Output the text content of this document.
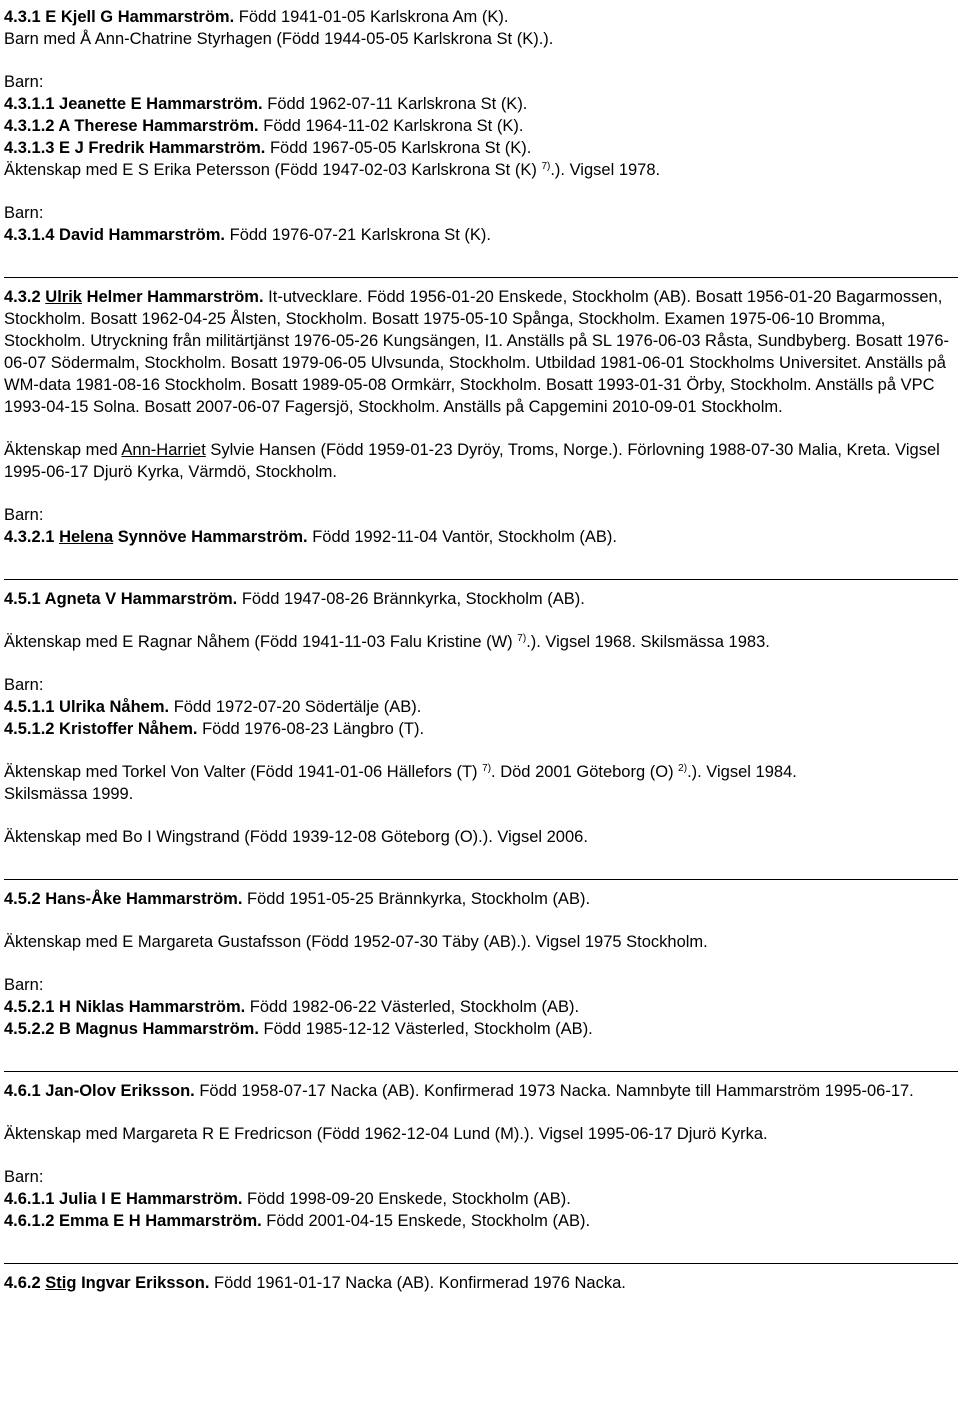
4.3.1 E Kjell G Hammarström. Född 1941-01-05 Karlskrona Am (K).
Barn med Å Ann-Chatrine Styrhagen (Född 1944-05-05 Karlskrona St (K).).
Barn:
4.3.1.1 Jeanette E Hammarström. Född 1962-07-11 Karlskrona St (K).
4.3.1.2 A Therese Hammarström. Född 1964-11-02 Karlskrona St (K).
4.3.1.3 E J Fredrik Hammarström. Född 1967-05-05 Karlskrona St (K).
Äktenskap med E S Erika Petersson (Född 1947-02-03 Karlskrona St (K) $^{7)}$.). Vigsel 1978.
Barn:
4.3.1.4 David Hammarström. Född 1976-07-21 Karlskrona St (K).
4.3.2 Ulrik Helmer Hammarström. It-utvecklare. Född 1956-01-20 Enskede, Stockholm (AB). Bosatt 1956-01-20 Bagarmossen, Stockholm. Bosatt 1962-04-25 Ålsten, Stockholm. Bosatt 1975-05-10 Spånga, Stockholm. Examen 1975-06-10 Bromma, Stockholm. Utryckning från militärtjänst 1976-05-26 Kungsängen, I1. Anställs på SL 1976-06-03 Råsta, Sundbyberg. Bosatt 1976-06-07 Södermalm, Stockholm. Bosatt 1979-06-05 Ulvsunda, Stockholm. Utbildad 1981-06-01 Stockholms Universitet. Anställs på WM-data 1981-08-16 Stockholm. Bosatt 1989-05-08 Ormkärr, Stockholm. Bosatt 1993-01-31 Örby, Stockholm. Anställs på VPC 1993-04-15 Solna. Bosatt 2007-06-07 Fagersjö, Stockholm. Anställs på Capgemini 2010-09-01 Stockholm.
Äktenskap med Ann-Harriet Sylvie Hansen (Född 1959-01-23 Dyröy, Troms, Norge.). Förlovning 1988-07-30 Malia, Kreta. Vigsel 1995-06-17 Djurö Kyrka, Värmdö, Stockholm.
Barn:
4.3.2.1 Helena Synnöve Hammarström. Född 1992-11-04 Vantör, Stockholm (AB).
4.5.1 Agneta V Hammarström. Född 1947-08-26 Brännkyrka, Stockholm (AB).
Äktenskap med E Ragnar Nåhem (Född 1941-11-03 Falu Kristine (W) $^{7)}$.). Vigsel 1968. Skilsmässa 1983.
Barn:
4.5.1.1 Ulrika Nåhem. Född 1972-07-20 Södertälje (AB).
4.5.1.2 Kristoffer Nåhem. Född 1976-08-23 Längbro (T).
Äktenskap med Torkel Von Valter (Född 1941-01-06 Hällefors (T) $^{7)}$. Död 2001 Göteborg (O) $^{2)}$.). Vigsel 1984.
Skilsmässa 1999.
Äktenskap med Bo I Wingstrand (Född 1939-12-08 Göteborg (O).). Vigsel 2006.
4.5.2 Hans-Åke Hammarström. Född 1951-05-25 Brännkyrka, Stockholm (AB).
Äktenskap med E Margareta Gustafsson (Född 1952-07-30 Täby (AB).). Vigsel 1975 Stockholm.
Barn:
4.5.2.1 H Niklas Hammarström. Född 1982-06-22 Västerled, Stockholm (AB).
4.5.2.2 B Magnus Hammarström. Född 1985-12-12 Västerled, Stockholm (AB).
4.6.1 Jan-Olov Eriksson. Född 1958-07-17 Nacka (AB). Konfirmerad 1973 Nacka. Namnbyte till Hammarström 1995-06-17.
Äktenskap med Margareta R E Fredricson (Född 1962-12-04 Lund (M).). Vigsel 1995-06-17 Djurö Kyrka.
Barn:
4.6.1.1 Julia I E Hammarström. Född 1998-09-20 Enskede, Stockholm (AB).
4.6.1.2 Emma E H Hammarström. Född 2001-04-15 Enskede, Stockholm (AB).
4.6.2 Stig Ingvar Eriksson. Född 1961-01-17 Nacka (AB). Konfirmerad 1976 Nacka.
